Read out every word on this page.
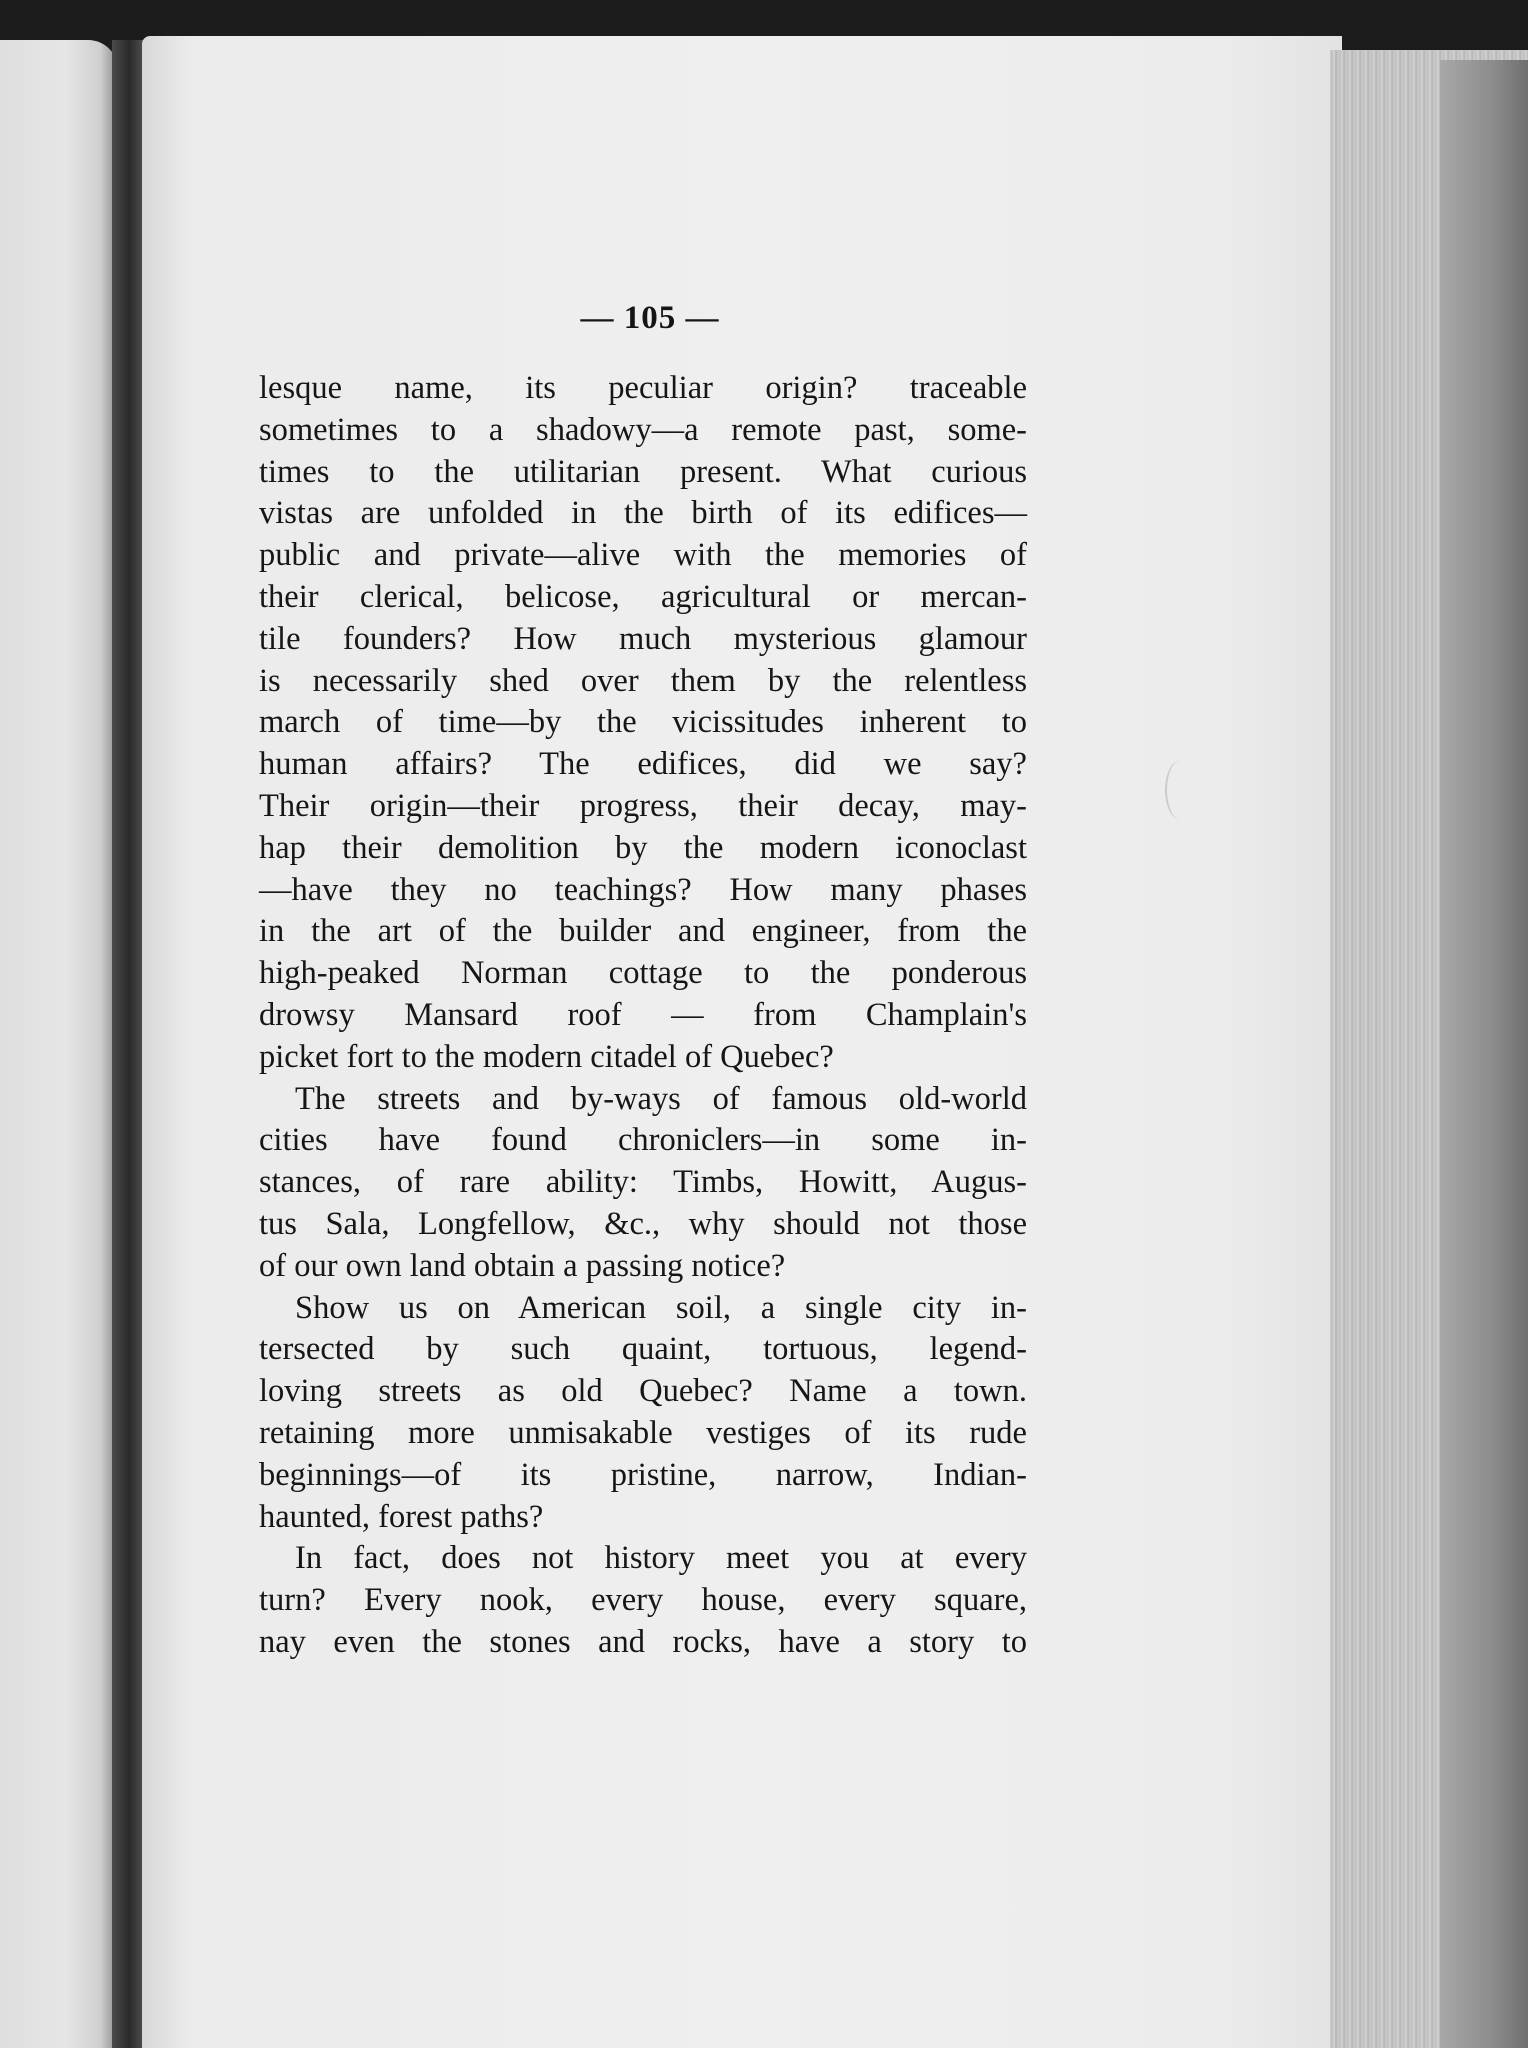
— 105 —
lesque name, its peculiar origin? traceable
sometimes to a shadowy—a remote past, some-
times to the utilitarian present. What curious
vistas are unfolded in the birth of its edifices—
public and private—alive with the memories of
their clerical, belicose, agricultural or mercan-
tile founders? How much mysterious glamour
is necessarily shed over them by the relentless
march of time—by the vicissitudes inherent to
human affairs? The edifices, did we say?
Their origin—their progress, their decay, may-
hap their demolition by the modern iconoclast
—have they no teachings? How many phases
in the art of the builder and engineer, from the
high-peaked Norman cottage to the ponderous
drowsy Mansard roof — from Champlain's
picket fort to the modern citadel of Quebec?
The streets and by-ways of famous old-world
cities have found chroniclers—in some in-
stances, of rare ability: Timbs, Howitt, Augus-
tus Sala, Longfellow, &c., why should not those
of our own land obtain a passing notice?
Show us on American soil, a single city in-
tersected by such quaint, tortuous, legend-
loving streets as old Quebec? Name a town.
retaining more unmisakable vestiges of its rude
beginnings—of its pristine, narrow, Indian-
haunted, forest paths?
In fact, does not history meet you at every
turn? Every nook, every house, every square,
nay even the stones and rocks, have a story to
